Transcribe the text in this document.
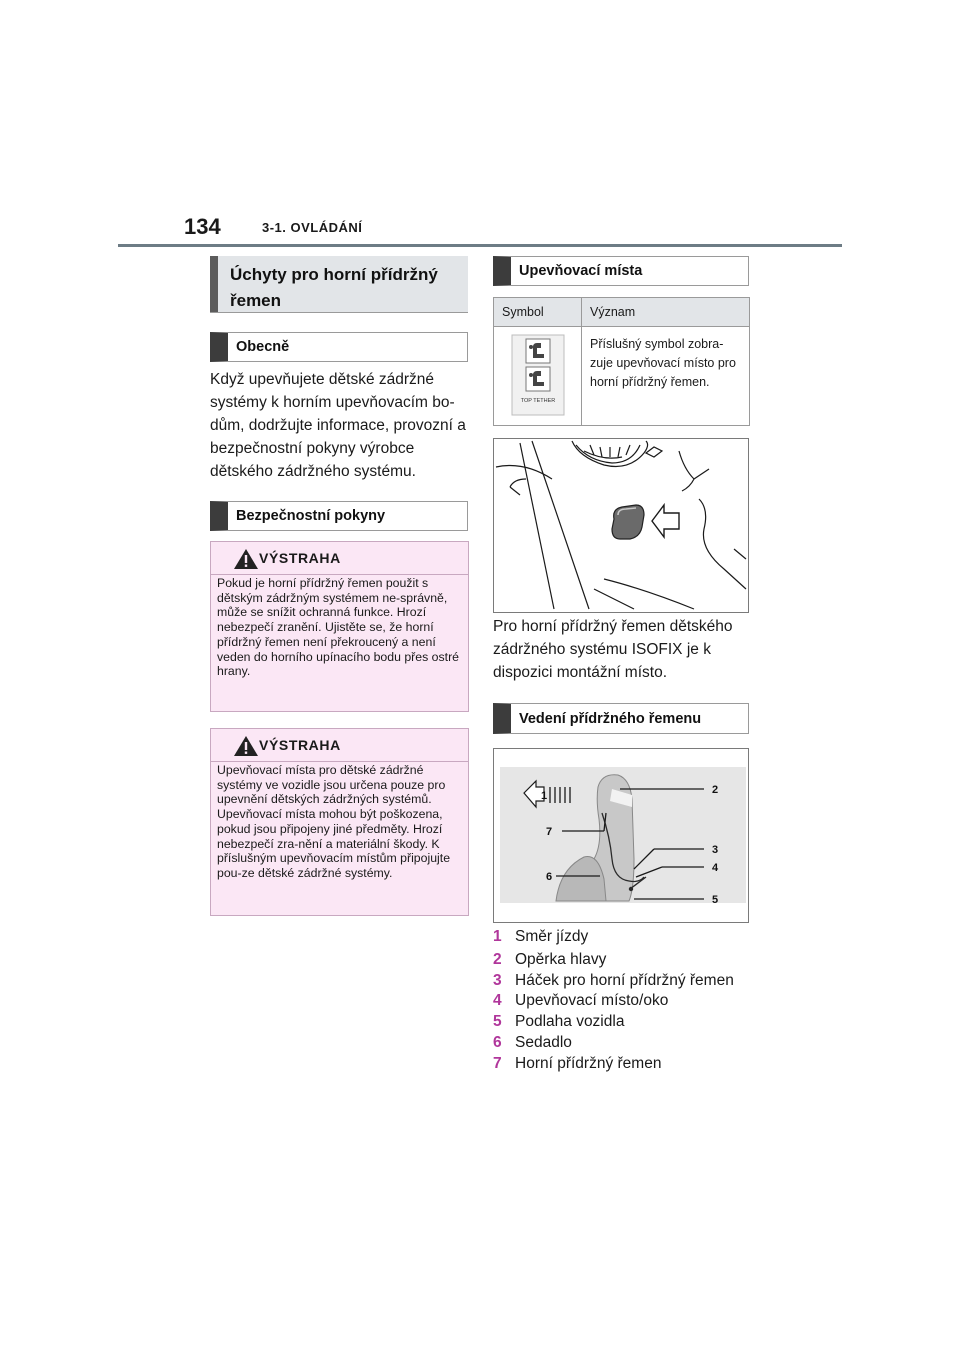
134	3-1. OVLÁDÁNÍ
Úchyty pro horní přídržný řemen
Obecně
Když upevňujete dětské zádržné systémy k horním upevňovacím bo-dům, dodržujte informace, provozní a bezpečnostní pokyny výrobce dětského zádržného systému.
Bezpečnostní pokyny
VÝSTRAHA
Pokud je horní přídržný řemen použit s dětským zádržným systémem ne-správně, může se snížit ochranná funkce. Hrozí nebezpečí zranění. Ujistěte se, že horní přídržný řemen není překroucený a není veden do horního upínacího bodu přes ostré hrany.
VÝSTRAHA
Upevňovací místa pro dětské zádržné systémy ve vozidle jsou určena pouze pro upevnění dětských zádržných systémů. Upevňovací místa mohou být poškozena, pokud jsou připojeny jiné předměty. Hrozí nebezpečí zra-nění a materiální škody. K příslušným upevňovacím místům připojujte pou-ze dětské zádržné systémy.
Upevňovací místa
Symbol	Význam

TOP TETHER	Příslušný symbol zobra-zuje upevňovací místo pro horní přídržný řemen.
Pro horní přídržný řemen dětského zádržného systému ISOFIX je k dispozici montážní místo.
Vedení přídržného řemenu
1	2
3
4
5
6
7
1 Směr jízdy
2 Opěrka hlavy
3 Háček pro horní přídržný řemen
4 Upevňovací místo/oko
5 Podlaha vozidla
6 Sedadlo
7 Horní přídržný řemen
